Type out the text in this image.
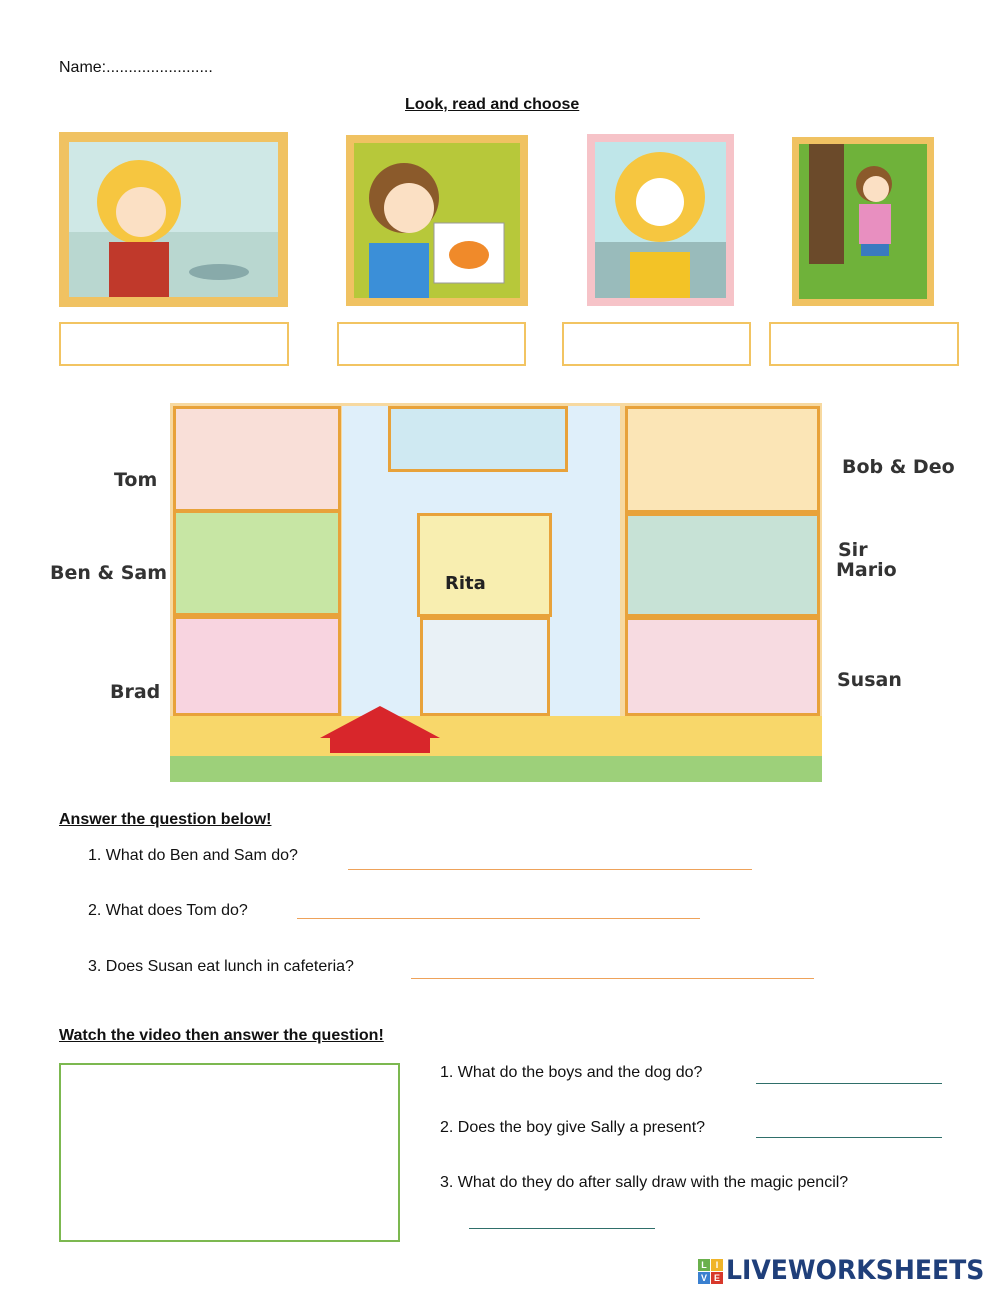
Name:........................
Look, read and choose
Rita
Tom
Ben & Sam
Brad
Bob & Deo
Sir
Mario
Susan
Answer the question below!
1. What do Ben and Sam do?
2. What does Tom do?
3. Does Susan eat lunch in cafeteria?
Watch the video then answer the question!
1. What do the boys and the dog do?
2. Does the boy give Sally a present?
3. What do they do after sally draw with the magic pencil?
L I
V E LIVEWORKSHEETS
